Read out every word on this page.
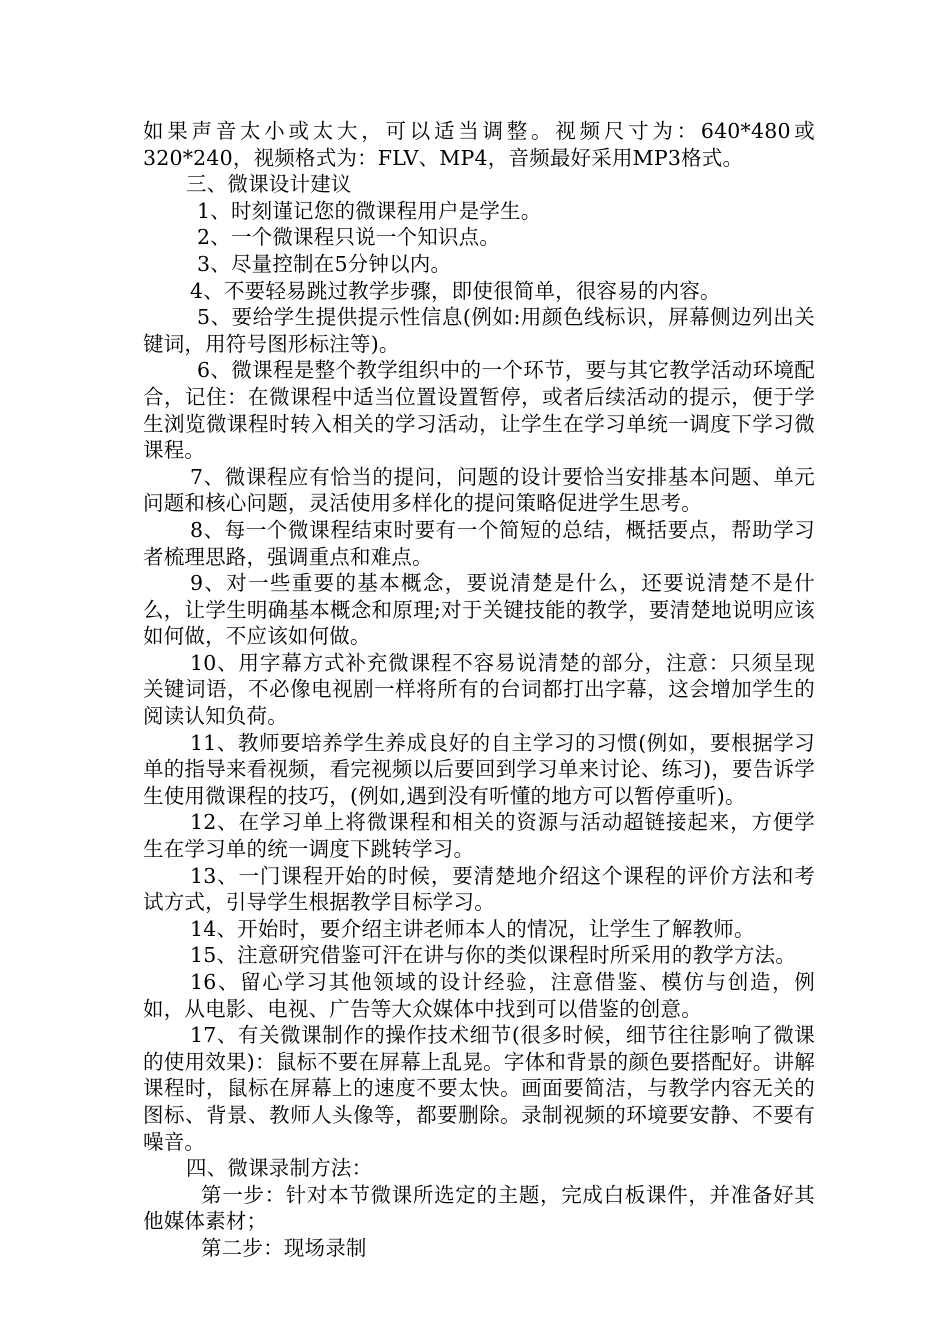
如果声音太小或太大，可以适当调整。视频尺寸为：640*480或320*240，视频格式为：FLV、MP4，音频最好采用MP3格式。

三、微课设计建议

1、时刻谨记您的微课程用户是学生。

2、一个微课程只说一个知识点。

3、尽量控制在5分钟以内。

4、不要轻易跳过教学步骤，即使很简单，很容易的内容。

5、要给学生提供提示性信息(例如:用颜色线标识，屏幕侧边列出关键词，用符号图形标注等)。

6、微课程是整个教学组织中的一个环节，要与其它教学活动环境配合，记住：在微课程中适当位置设置暂停，或者后续活动的提示，便于学生浏览微课程时转入相关的学习活动，让学生在学习单统一调度下学习微课程。

7、微课程应有恰当的提问，问题的设计要恰当安排基本问题、单元问题和核心问题，灵活使用多样化的提问策略促进学生思考。

8、每一个微课程结束时要有一个简短的总结，概括要点，帮助学习者梳理思路，强调重点和难点。

9、对一些重要的基本概念，要说清楚是什么，还要说清楚不是什么，让学生明确基本概念和原理;对于关键技能的教学，要清楚地说明应该如何做，不应该如何做。

10、用字幕方式补充微课程不容易说清楚的部分，注意：只须呈现关键词语，不必像电视剧一样将所有的台词都打出字幕，这会增加学生的阅读认知负荷。

11、教师要培养学生养成良好的自主学习的习惯(例如，要根据学习单的指导来看视频，看完视频以后要回到学习单来讨论、练习)，要告诉学生使用微课程的技巧，(例如,遇到没有听懂的地方可以暂停重听)。

12、在学习单上将微课程和相关的资源与活动超链接起来，方便学生在学习单的统一调度下跳转学习。

13、一门课程开始的时候，要清楚地介绍这个课程的评价方法和考试方式，引导学生根据教学目标学习。

14、开始时，要介绍主讲老师本人的情况，让学生了解教师。

15、注意研究借鉴可汗在讲与你的类似课程时所采用的教学方法。

16、留心学习其他领域的设计经验，注意借鉴、模仿与创造，例如，从电影、电视、广告等大众媒体中找到可以借鉴的创意。

17、有关微课制作的操作技术细节(很多时候，细节往往影响了微课的使用效果)：鼠标不要在屏幕上乱晃。字体和背景的颜色要搭配好。讲解课程时，鼠标在屏幕上的速度不要太快。画面要简洁，与教学内容无关的图标、背景、教师人头像等，都要删除。录制视频的环境要安静、不要有噪音。

四、微课录制方法：

第一步：针对本节微课所选定的主题，完成白板课件，并准备好其他媒体素材；

第二步：现场录制
